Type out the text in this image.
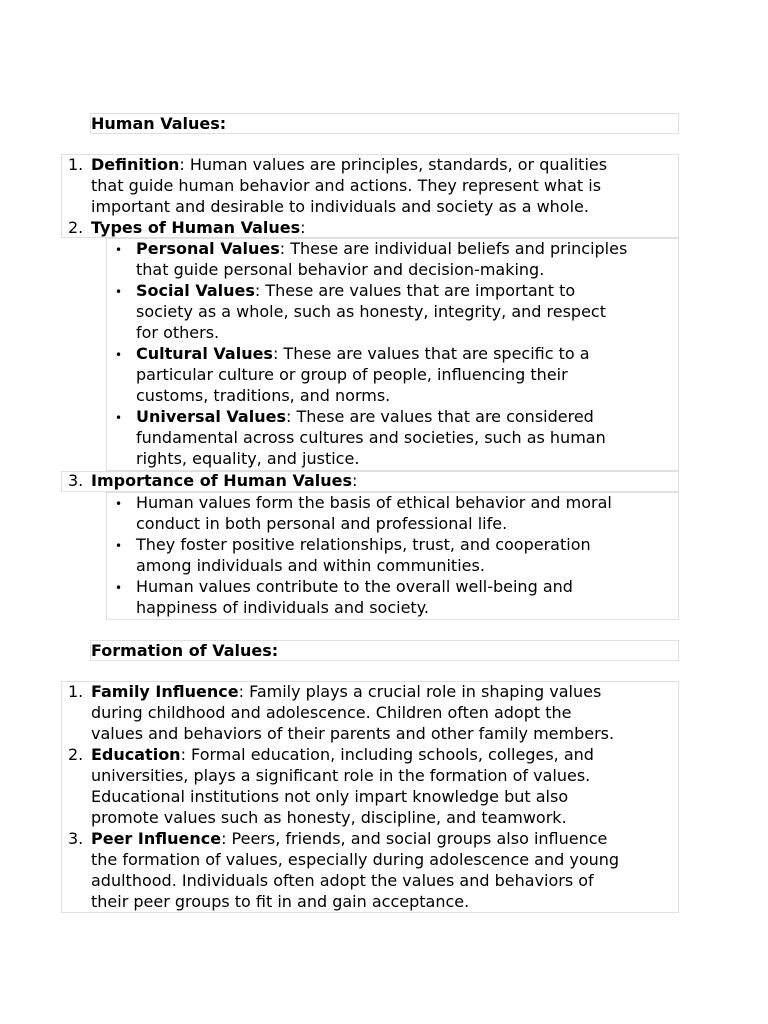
Human Values:
1. Definition: Human values are principles, standards, or qualities
that guide human behavior and actions. They represent what is
important and desirable to individuals and society as a whole.
2. Types of Human Values:
• Personal Values: These are individual beliefs and principles
that guide personal behavior and decision-making.
• Social Values: These are values that are important to
society as a whole, such as honesty, integrity, and respect
for others.
• Cultural Values: These are values that are specific to a
particular culture or group of people, influencing their
customs, traditions, and norms.
• Universal Values: These are values that are considered
fundamental across cultures and societies, such as human
rights, equality, and justice.
3. Importance of Human Values:
• Human values form the basis of ethical behavior and moral
conduct in both personal and professional life.
• They foster positive relationships, trust, and cooperation
among individuals and within communities.
• Human values contribute to the overall well-being and
happiness of individuals and society.
Formation of Values:
1. Family Influence: Family plays a crucial role in shaping values
during childhood and adolescence. Children often adopt the
values and behaviors of their parents and other family members.
2. Education: Formal education, including schools, colleges, and
universities, plays a significant role in the formation of values.
Educational institutions not only impart knowledge but also
promote values such as honesty, discipline, and teamwork.
3. Peer Influence: Peers, friends, and social groups also influence
the formation of values, especially during adolescence and young
adulthood. Individuals often adopt the values and behaviors of
their peer groups to fit in and gain acceptance.
